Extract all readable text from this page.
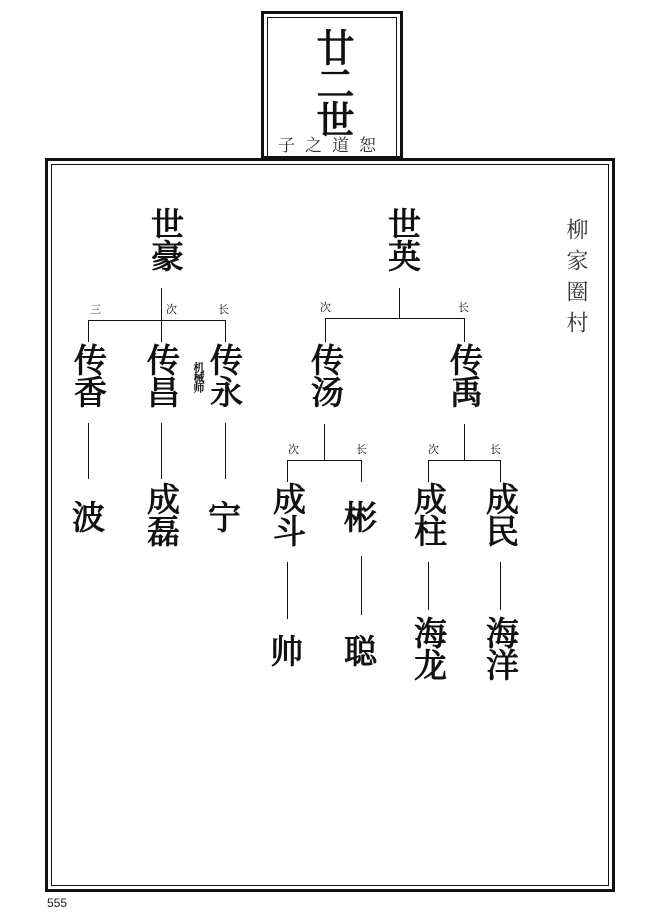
廿二世
子之道恕
柳家圈村
世豪
三	次	长
传香 传昌 传永
机械师
波 成磊 宁
世英
次	长
传汤	传禹
次	长
成斗 彬
帅 聪
次	长
成柱 成民
海龙 海洋
555
